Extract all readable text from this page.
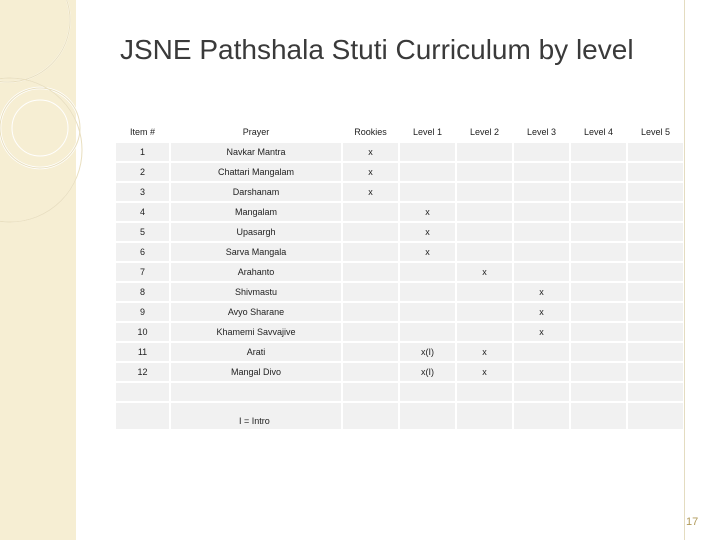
JSNE Pathshala Stuti Curriculum by level
Item #	Prayer	Rookies	Level 1	Level 2	Level 3	Level 4	Level 5
1	Navkar Mantra	x					
2	Chattari Mangalam	x					
3	Darshanam	x					
4	Mangalam		x				
5	Upasargh		x				
6	Sarva Mangala		x				
7	Arahanto			x			
8	Shivmastu				x		
9	Avyo Sharane				x		
10	Khamemi Savvajive				x		
11	Arati		x(I)	x			
12	Mangal Divo		x(I)	x			

	I = Intro						
17
